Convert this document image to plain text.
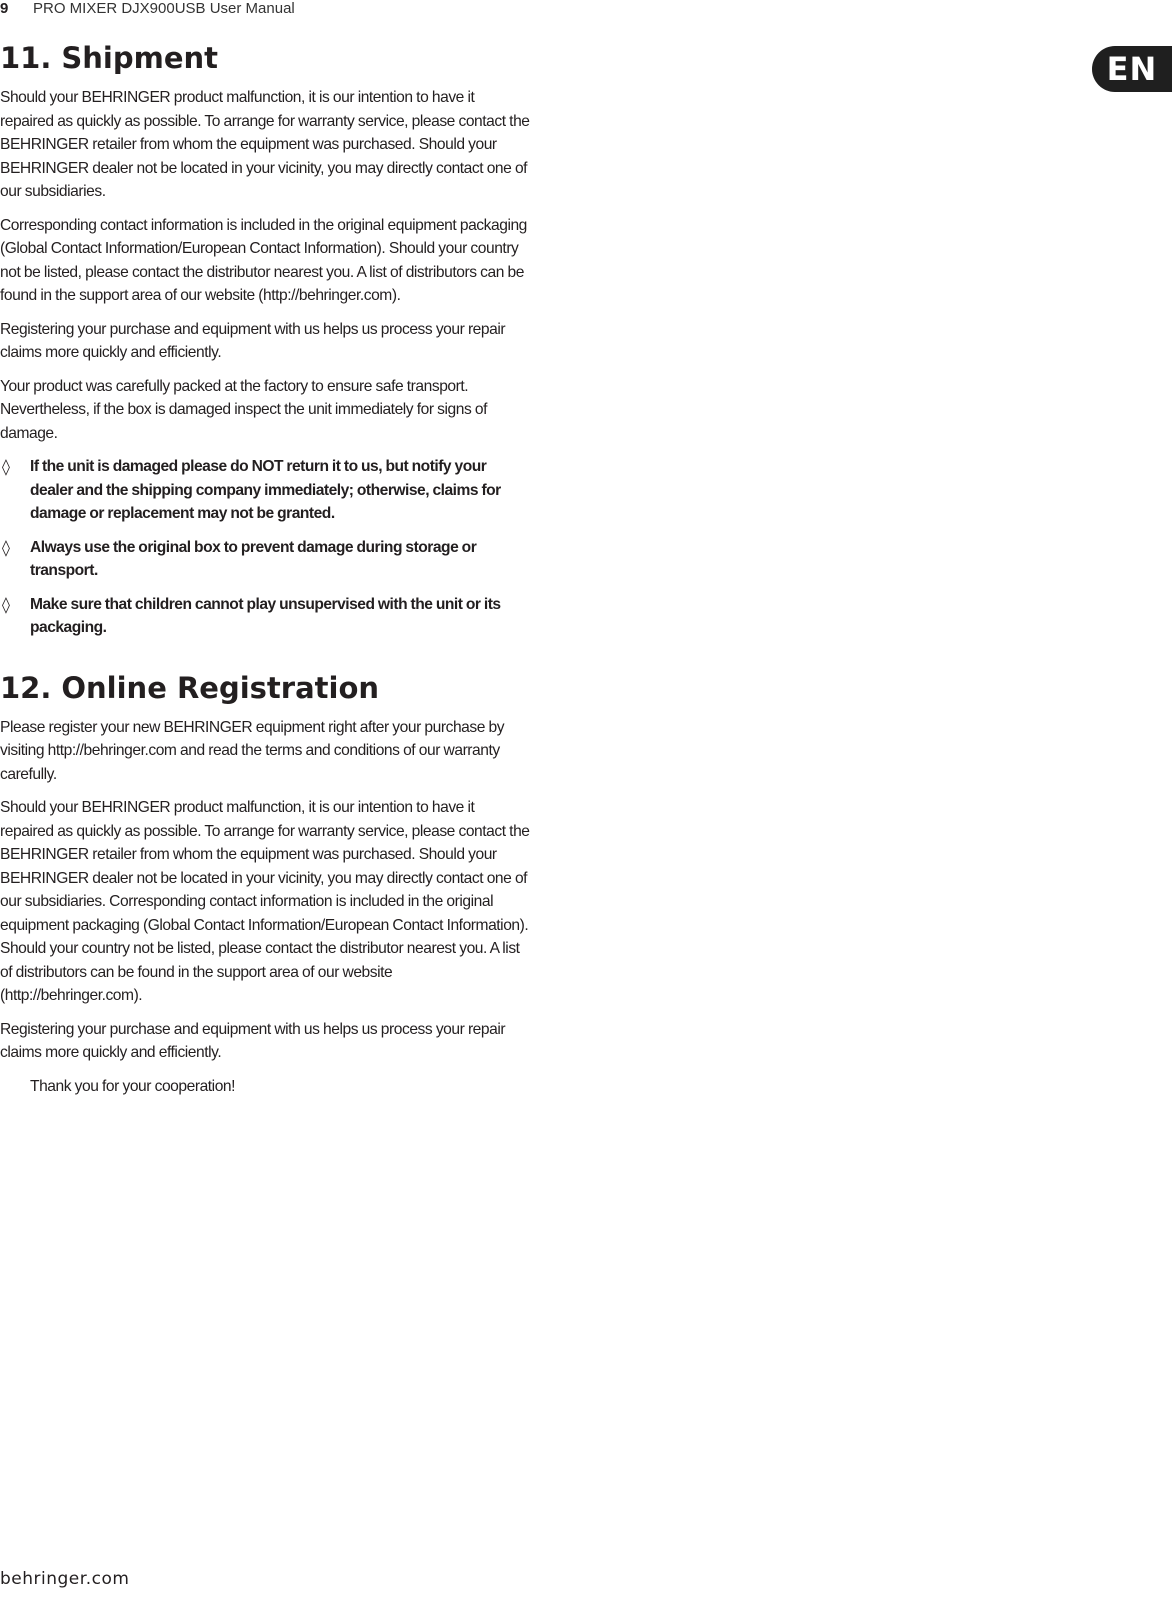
9 PRO MIXER DJX900USB User Manual
EN
11. Shipment

Should your BEHRINGER product malfunction, it is our intention to have it repaired as quickly as possible. To arrange for warranty service, please contact the BEHRINGER retailer from whom the equipment was purchased. Should your BEHRINGER dealer not be located in your vicinity, you may directly contact one of our subsidiaries.

Corresponding contact information is included in the original equipment packaging (Global Contact Information/European Contact Information). Should your country not be listed, please contact the distributor nearest you. A list of distributors can be found in the support area of our website (http://behringer.com).

Registering your purchase and equipment with us helps us process your repair claims more quickly and efficiently.

Your product was carefully packed at the factory to ensure safe transport. Nevertheless, if the box is damaged inspect the unit immediately for signs of damage.

◊	If the unit is damaged please do NOT return it to us, but notify your dealer and the shipping company immediately; otherwise, claims for damage or replacement may not be granted.
◊	Always use the original box to prevent damage during storage or transport.
◊	Make sure that children cannot play unsupervised with the unit or its packaging.
12. Online Registration

Please register your new BEHRINGER equipment right after your purchase by visiting http://behringer.com and read the terms and conditions of our warranty carefully.

Should your BEHRINGER product malfunction, it is our intention to have it repaired as quickly as possible. To arrange for warranty service, please contact the BEHRINGER retailer from whom the equipment was purchased. Should your BEHRINGER dealer not be located in your vicinity, you may directly contact one of our subsidiaries. Corresponding contact information is included in the original equipment packaging (Global Contact Information/European Contact Information). Should your country not be listed, please contact the distributor nearest you. A list of distributors can be found in the support area of our website (http://behringer.com).

Registering your purchase and equipment with us helps us process your repair claims more quickly and efficiently.

Thank you for your cooperation!

behringer.com
